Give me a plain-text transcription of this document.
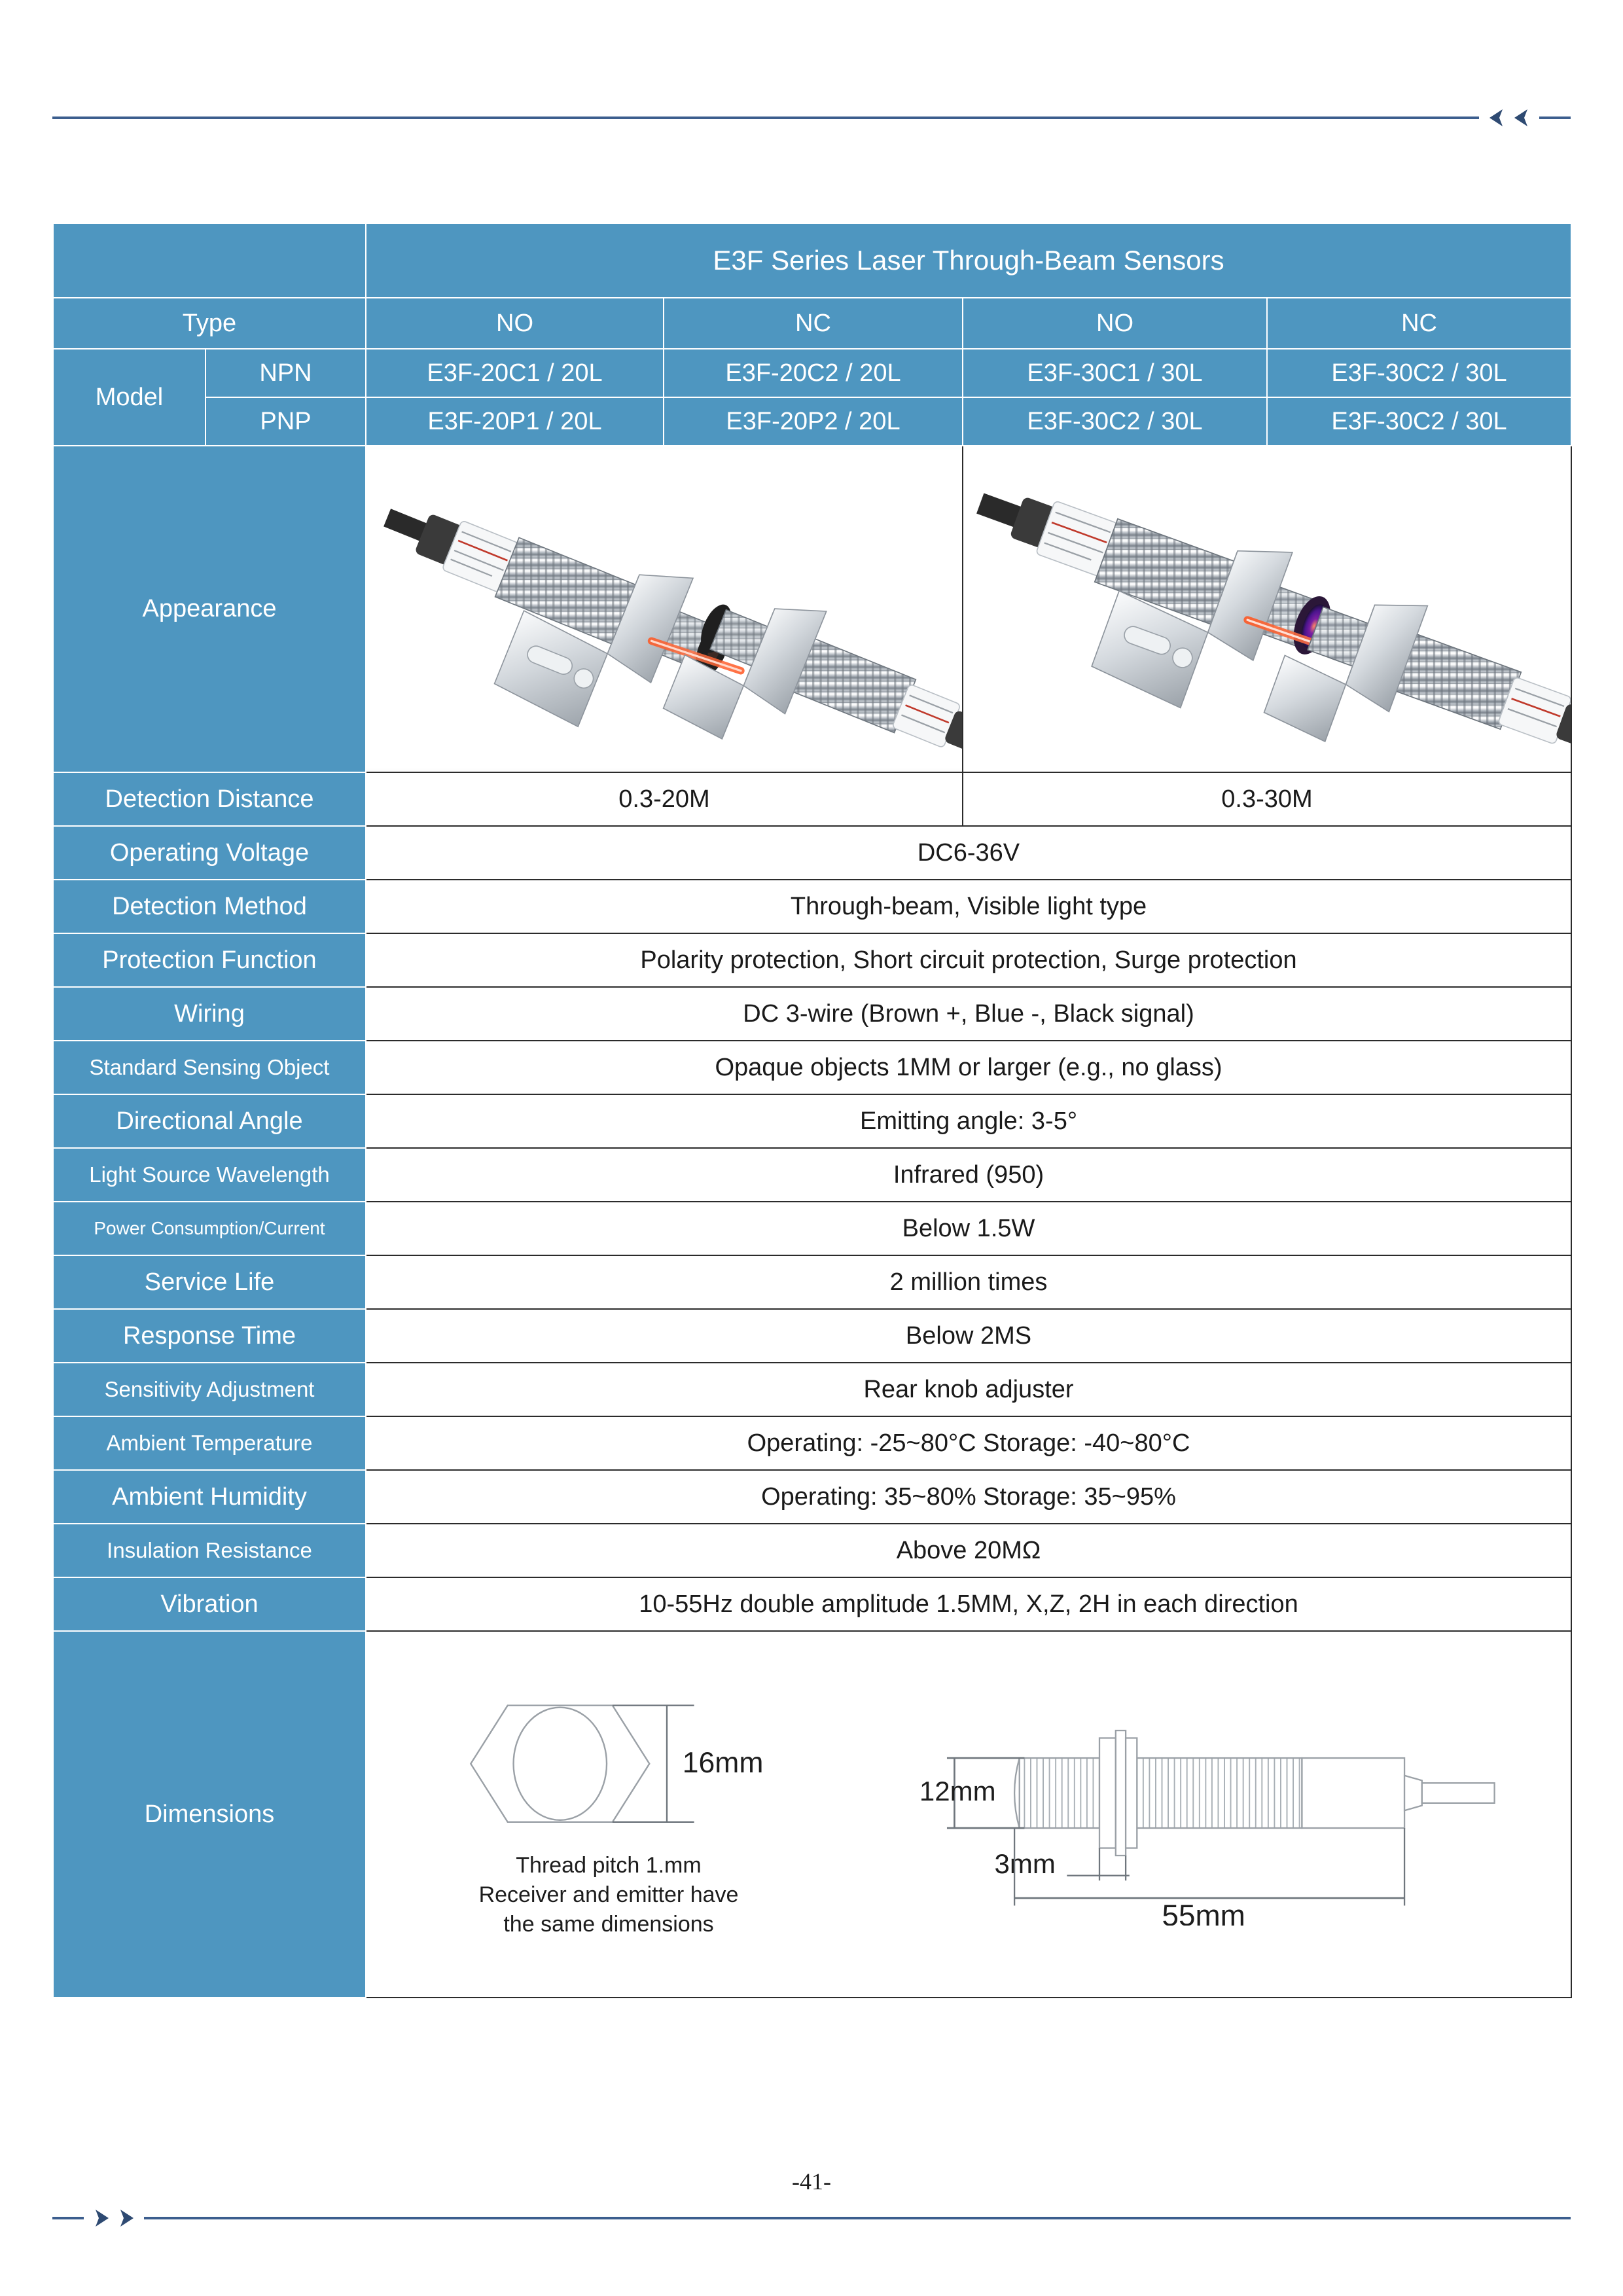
		E3F Series Laser Through-Beam Sensors			
Type		NO	NC	NO	NC
Model	NPN	E3F-20C1 / 20L	E3F-20C2 / 20L	E3F-30C1 / 30L	E3F-30C2 / 30L
	PNP	E3F-20P1 / 20L	E3F-20P2 / 20L	E3F-30C2 / 30L	E3F-30C2 / 30L
Appearance	

Detection Distance		0.3-20M		0.3-30M	
Operating Voltage		DC6-36V			
Detection Method		Through-beam, Visible light type			
Protection Function		Polarity protection, Short circuit protection, Surge protection			
Wiring		DC 3-wire (Brown +, Blue -, Black signal)			
Standard Sensing Object		Opaque objects 1MM or larger (e.g., no glass)			
Directional Angle		Emitting angle: 3-5°			
Light Source Wavelength		Infrared (950)			
Power Consumption/Current		Below 1.5W			
Service Life		2 million times			
Response Time		Below 2MS			
Sensitivity Adjustment		Rear knob adjuster			
Ambient Temperature		Operating: -25~80°C Storage: -40~80°C			
Ambient Humidity		Operating: 35~80% Storage: 35~95%			
Insulation Resistance		Above 20MΩ			
Vibration		10-55Hz double amplitude 1.5MM, X,Z, 2H in each direction			
Dimensions	
16mm
Thread pitch 1.mm
Receiver and emitter have
the same dimensions
12mm
3mm
55mm
-41-
